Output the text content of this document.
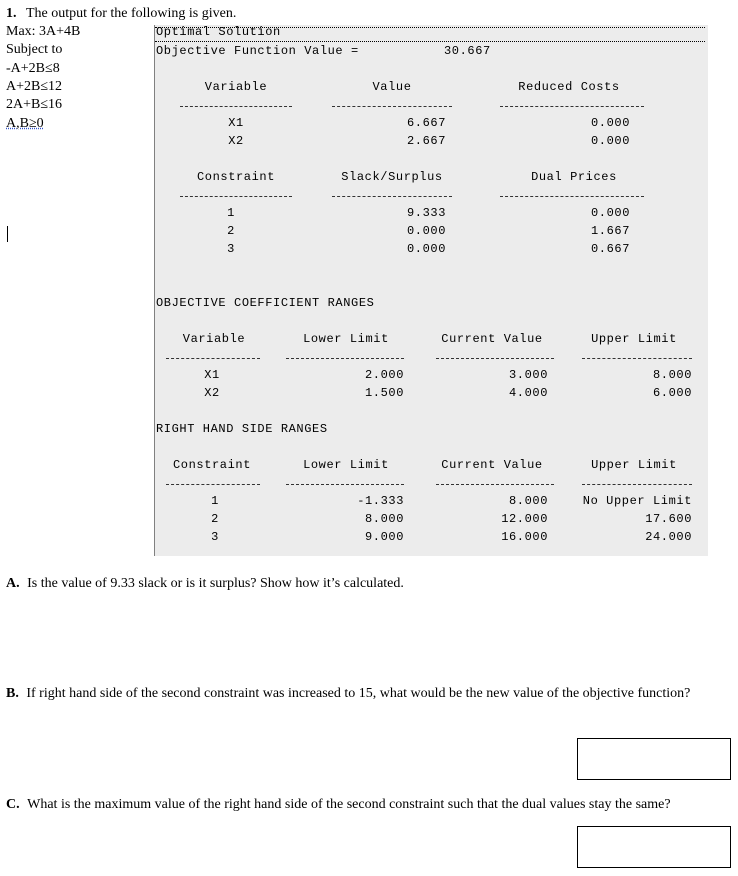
1. The output for the following is given.
Max: 3A+4B
Subject to
-A+2B≤8
A+2B≤12
2A+B≤16
A,B≥0
Optimal Solution
Objective Function Value =	30.667
Variable	Value	Reduced Costs
X1	6.667	0.000
X2	2.667	0.000
Constraint	Slack/Surplus	Dual Prices
1	9.333	0.000
2	0.000	1.667
3	0.000	0.667
OBJECTIVE COEFFICIENT RANGES
Variable	Lower Limit	Current Value	Upper Limit
X1	2.000	3.000	8.000
X2	1.500	4.000	6.000
RIGHT HAND SIDE RANGES
Constraint	Lower Limit	Current Value	Upper Limit
1	-1.333	8.000	No Upper Limit
2	8.000	12.000	17.600
3	9.000	16.000	24.000
A. Is the value of 9.33 slack or is it surplus? Show how it’s calculated.
B. If right hand side of the second constraint was increased to 15, what would be the new value of the objective function?
C. What is the maximum value of the right hand side of the second constraint such that the dual values stay the same?
